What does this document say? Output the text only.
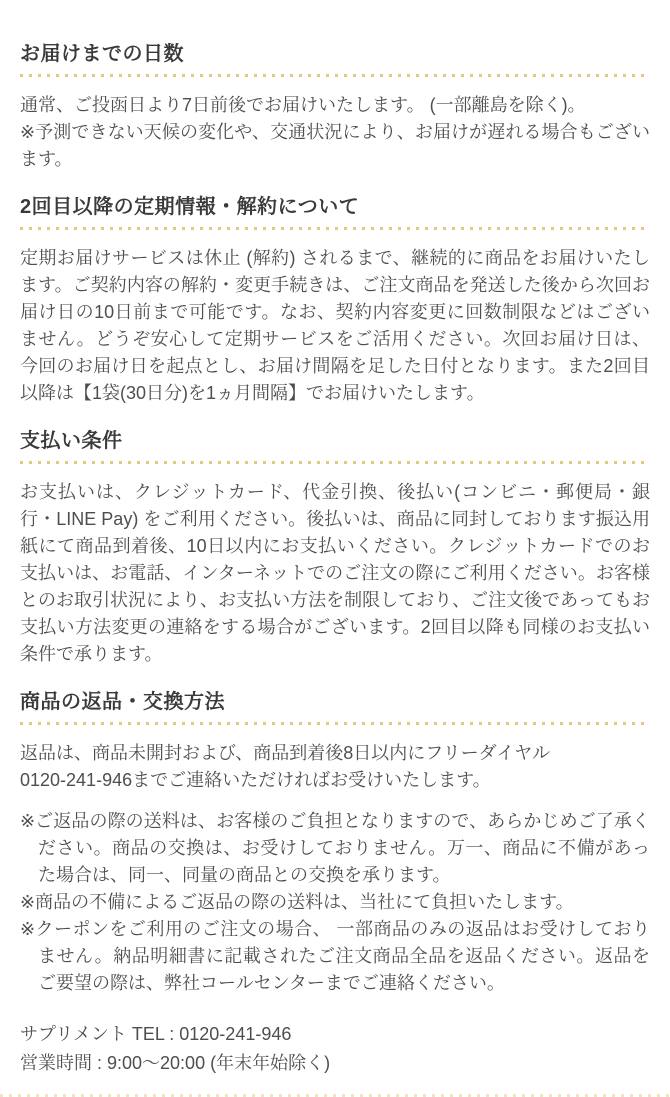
お届けまでの日数

通常、ご投函日より7日前後でお届けいたします。 (一部離島を除く)。

※予測できない天候の変化や、交通状況により、お届けが遅れる場合もございます。

2回目以降の定期情報・解約について

定期お届けサービスは休止 (解約) されるまで、継続的に商品をお届けいたします。ご契約内容の解約・変更手続きは、ご注文商品を発送した後から次回お届け日の10日前まで可能です。なお、契約内容変更に回数制限などはございません。どうぞ安心して定期サービスをご活用ください。次回お届け日は、今回のお届け日を起点とし、お届け間隔を足した日付となります。また2回目以降は【1袋(30日分)を1ヵ月間隔】でお届けいたします。

支払い条件

お支払いは、クレジットカード、代金引換、後払い(コンビニ・郵便局・銀行・LINE Pay) をご利用ください。後払いは、商品に同封しております振込用紙にて商品到着後、10日以内にお支払いください。クレジットカードでのお支払いは、お電話、インターネットでのご注文の際にご利用ください。お客様とのお取引状況により、お支払い方法を制限しており、ご注文後であってもお支払い方法変更の連絡をする場合がございます。2回目以降も同様のお支払い条件で承ります。

商品の返品・交換方法

返品は、商品未開封および、商品到着後8日以内にフリーダイヤル

0120-241-946までご連絡いただければお受けいたします。

※ご返品の際の送料は、お客様のご負担となりますので、あらかじめご了承ください。商品の交換は、お受けしておりません。万一、商品に不備があった場合は、同一、同量の商品との交換を承ります。

※商品の不備によるご返品の際の送料は、当社にて負担いたします。

※クーポンをご利用のご注文の場合、 一部商品のみの返品はお受けしておりません。納品明細書に記載されたご注文商品全品を返品ください。返品をご要望の際は、弊社コールセンターまでご連絡ください。

サプリメント TEL : 0120-241-946

営業時間 : 9:00〜20:00 (年末年始除く)
